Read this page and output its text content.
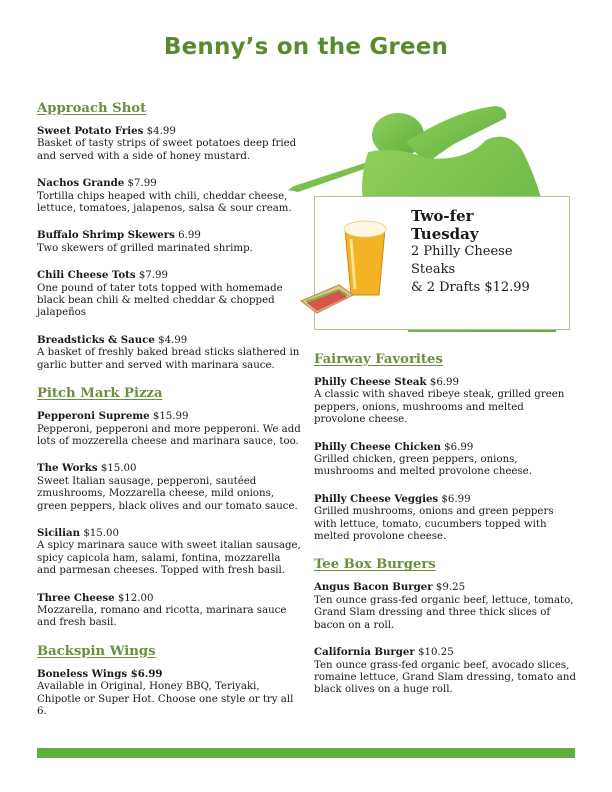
Benny’s on the Green
Two-fer
Tuesday
2 Philly Cheese
Steaks
& 2 Drafts $12.99
Approach Shot
Sweet Potato Fries $4.99
Basket of tasty strips of sweet potatoes deep fried and served with a side of honey mustard.
Nachos Grande $7.99
Tortilla chips heaped with chili, cheddar cheese, lettuce, tomatoes, jalapenos, salsa & sour cream.
Buffalo Shrimp Skewers 6.99
Two skewers of grilled marinated shrimp.
Chili Cheese Tots $7.99
One pound of tater tots topped with homemade black bean chili & melted cheddar & chopped jalapeños
Breadsticks & Sauce $4.99
A basket of freshly baked bread sticks slathered in garlic butter and served with marinara sauce.
Pitch Mark Pizza
Pepperoni Supreme $15.99
Pepperoni, pepperoni and more pepperoni. We add lots of mozzerella cheese and marinara sauce, too.
The Works $15.00
Sweet Italian sausage, pepperoni, sautéed zmushrooms, Mozzarella cheese, mild onions, green peppers, black olives and our tomato sauce.
Sicilian $15.00
A spicy marinara sauce with sweet italian sausage, spicy capicola ham, salami, fontina, mozzarella and parmesan cheeses. Topped with fresh basil.
Three Cheese $12.00
Mozzarella, romano and ricotta, marinara sauce and fresh basil.
Backspin Wings
Boneless Wings $6.99
Available in Original, Honey BBQ, Teriyaki, Chipotle or Super Hot. Choose one style or try all 6.
Fairway Favorites
Philly Cheese Steak $6.99
A classic with shaved ribeye steak, grilled green peppers, onions, mushrooms and melted provolone cheese.
Philly Cheese Chicken $6.99
Grilled chicken, green peppers, onions, mushrooms and melted provolone cheese.
Philly Cheese Veggies $6.99
Grilled mushrooms, onions and green peppers with lettuce, tomato, cucumbers topped with melted provolone cheese.
Tee Box Burgers
Angus Bacon Burger $9.25
Ten ounce grass-fed organic beef, lettuce, tomato, Grand Slam dressing and three thick slices of bacon on a roll.
California Burger $10.25
Ten ounce grass-fed organic beef, avocado slices, romaine lettuce, Grand Slam dressing, tomato and black olives on a huge roll.
